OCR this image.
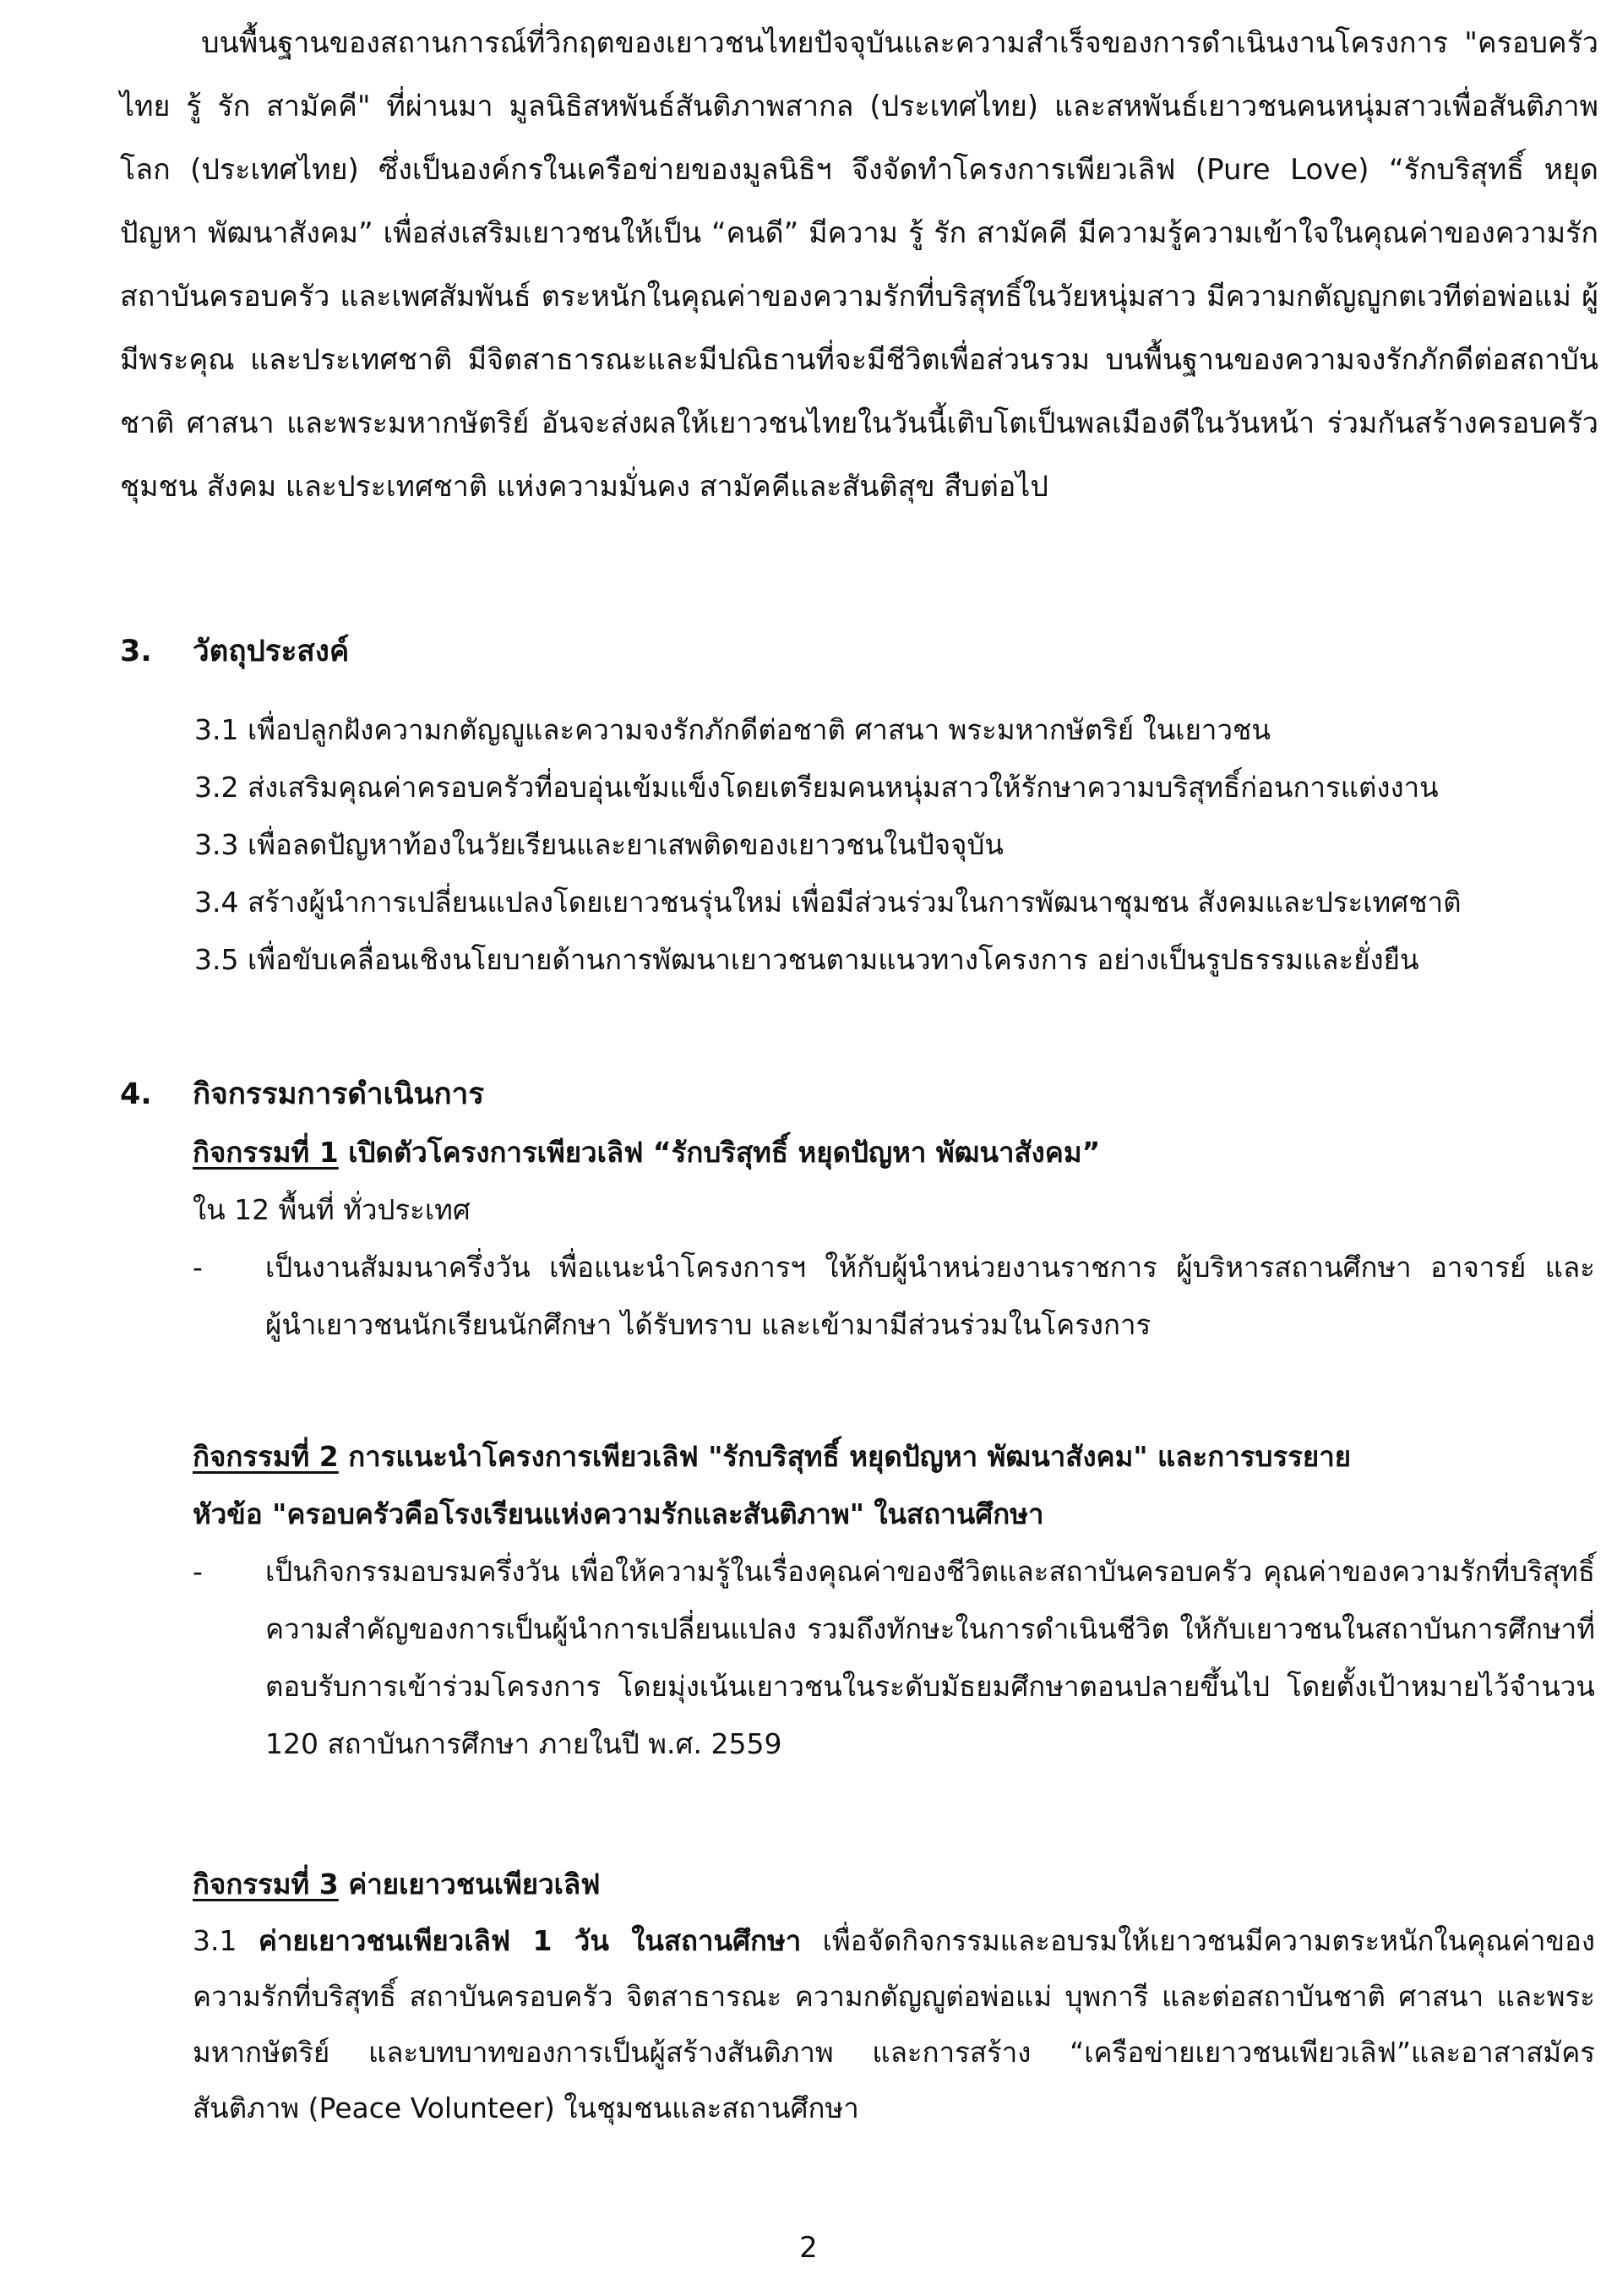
บนพื้นฐานของสถานการณ์ที่วิกฤตของเยาวชนไทยปัจจุบันและความสำเร็จของการดำเนินงานโครงการ "ครอบครัวไทย รู้ รัก สามัคคี" ที่ผ่านมา มูลนิธิสหพันธ์สันติภาพสากล (ประเทศไทย) และสหพันธ์เยาวชนคนหนุ่มสาวเพื่อสันติภาพโลก (ประเทศไทย) ซึ่งเป็นองค์กรในเครือข่ายของมูลนิธิฯ จึงจัดทำโครงการเพียวเลิฟ (Pure Love) “รักบริสุทธิ์ หยุดปัญหา พัฒนาสังคม” เพื่อส่งเสริมเยาวชนให้เป็น “คนดี” มีความ รู้ รัก สามัคคี มีความรู้ความเข้าใจในคุณค่าของความรัก สถาบันครอบครัว และเพศสัมพันธ์ ตระหนักในคุณค่าของความรักที่บริสุทธิ์ในวัยหนุ่มสาว มีความกตัญญูกตเวทีต่อพ่อแม่ ผู้มีพระคุณ และประเทศชาติ มีจิตสาธารณะและมีปณิธานที่จะมีชีวิตเพื่อส่วนรวม บนพื้นฐานของความจงรักภักดีต่อสถาบันชาติ ศาสนา และพระมหากษัตริย์ อันจะส่งผลให้เยาวชนไทยในวันนี้เติบโตเป็นพลเมืองดีในวันหน้า ร่วมกันสร้างครอบครัว ชุมชน สังคม และประเทศชาติ แห่งความมั่นคง สามัคคีและสันติสุข สืบต่อไป

3. วัตถุประสงค์
3.1 เพื่อปลูกฝังความกตัญญูและความจงรักภักดีต่อชาติ ศาสนา พระมหากษัตริย์ ในเยาวชน
3.2 ส่งเสริมคุณค่าครอบครัวที่อบอุ่นเข้มแข็งโดยเตรียมคนหนุ่มสาวให้รักษาความบริสุทธิ์ก่อนการแต่งงาน
3.3 เพื่อลดปัญหาท้องในวัยเรียนและยาเสพติดของเยาวชนในปัจจุบัน
3.4 สร้างผู้นำการเปลี่ยนแปลงโดยเยาวชนรุ่นใหม่ เพื่อมีส่วนร่วมในการพัฒนาชุมชน สังคมและประเทศชาติ
3.5 เพื่อขับเคลื่อนเชิงนโยบายด้านการพัฒนาเยาวชนตามแนวทางโครงการ อย่างเป็นรูปธรรมและยั่งยืน
4. กิจกรรมการดำเนินการ
กิจกรรมที่ 1 เปิดตัวโครงการเพียวเลิฟ “รักบริสุทธิ์ หยุดปัญหา พัฒนาสังคม”
ใน 12 พื้นที่ ทั่วประเทศ
- เป็นงานสัมมนาครึ่งวัน เพื่อแนะนำโครงการฯ ให้กับผู้นำหน่วยงานราชการ ผู้บริหารสถานศึกษา อาจารย์ และผู้นำเยาวชนนักเรียนนักศึกษา ได้รับทราบ และเข้ามามีส่วนร่วมในโครงการ
กิจกรรมที่ 2 การแนะนำโครงการเพียวเลิฟ "รักบริสุทธิ์ หยุดปัญหา พัฒนาสังคม" และการบรรยาย
หัวข้อ "ครอบครัวคือโรงเรียนแห่งความรักและสันติภาพ" ในสถานศึกษา
- เป็นกิจกรรมอบรมครึ่งวัน เพื่อให้ความรู้ในเรื่องคุณค่าของชีวิตและสถาบันครอบครัว คุณค่าของความรักที่บริสุทธิ์ ความสำคัญของการเป็นผู้นำการเปลี่ยนแปลง รวมถึงทักษะในการดำเนินชีวิต ให้กับเยาวชนในสถาบันการศึกษาที่ตอบรับการเข้าร่วมโครงการ โดยมุ่งเน้นเยาวชนในระดับมัธยมศึกษาตอนปลายขึ้นไป โดยตั้งเป้าหมายไว้จำนวน 120 สถาบันการศึกษา ภายในปี พ.ศ. 2559
กิจกรรมที่ 3 ค่ายเยาวชนเพียวเลิฟ
3.1 ค่ายเยาวชนเพียวเลิฟ 1 วัน ในสถานศึกษา เพื่อจัดกิจกรรมและอบรมให้เยาวชนมีความตระหนักในคุณค่าของความรักที่บริสุทธิ์ สถาบันครอบครัว จิตสาธารณะ ความกตัญญูต่อพ่อแม่ บุพการี และต่อสถาบันชาติ ศาสนา และพระมหากษัตริย์ และบทบาทของการเป็นผู้สร้างสันติภาพ และการสร้าง “เครือข่ายเยาวชนเพียวเลิฟ”และอาสาสมัครสันติภาพ (Peace Volunteer) ในชุมชนและสถานศึกษา
2
